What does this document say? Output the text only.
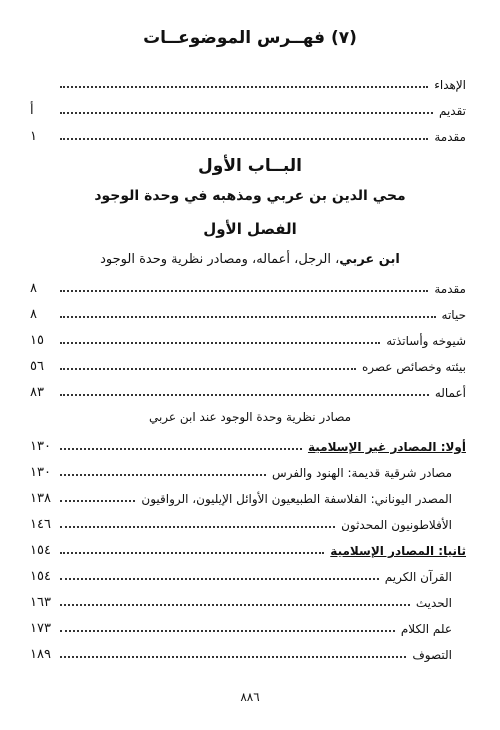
(٧) فهــرس الموضوعــات
الإهداء
تقديم
أ
مقدمة
١
البــاب الأول
محي الدين بن عربي ومذهبه في وحدة الوجود
الفصل الأول
ابن عربي، الرجل، أعماله، ومصادر نظرية وحدة الوجود
مقدمة
٨
حياته
٨
شيوخه وأساتذته
١٥
بيئته وخصائص عصره
٥٦
أعماله
٨٣
مصادر نظرية وحدة الوجود عند ابن عربي
أولا: المصادر غير الإسلامية
١٣٠
مصادر شرقية قديمة: الهنود والفرس
١٣٠
المصدر اليوناني: الفلاسفة الطبيعيون الأوائل الإيليون، الرواقيون
١٣٨
الأفلاطونيون المحدثون
١٤٦
ثانيا: المصادر الإسلامية
١٥٤
القرآن الكريم
١٥٤
الحديث
١٦٣
علم الكلام
١٧٣
التصوف
١٨٩
٨٨٦
